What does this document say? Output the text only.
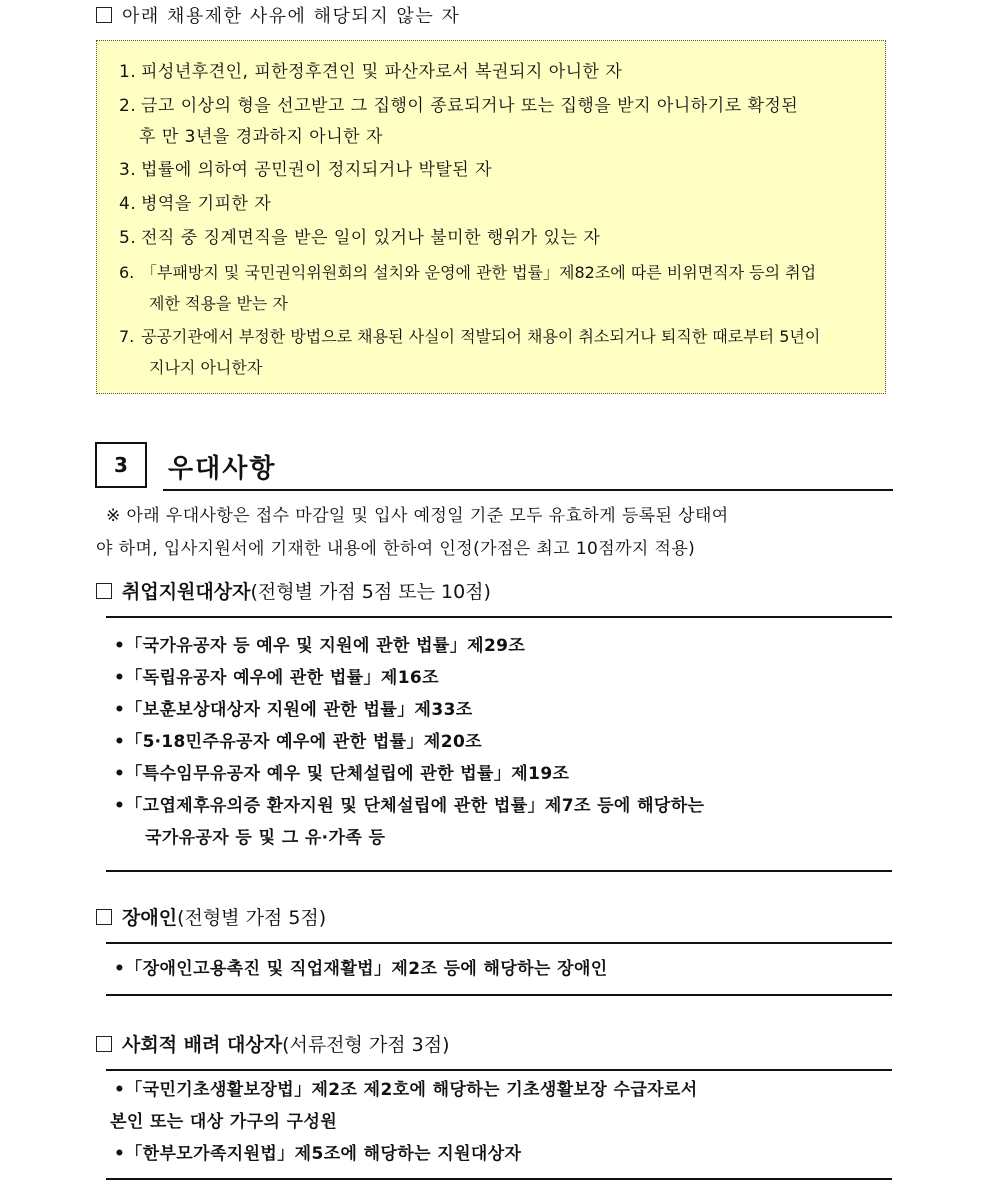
아래 채용제한 사유에 해당되지 않는 자
1. 피성년후견인, 피한정후견인 및 파산자로서 복권되지 아니한 자
2. 금고 이상의 형을 선고받고 그 집행이 종료되거나 또는 집행을 받지 아니하기로 확정된
후 만 3년을 경과하지 아니한 자
3. 법률에 의하여 공민권이 정지되거나 박탈된 자
4. 병역을 기피한 자
5. 전직 중 징계면직을 받은 일이 있거나 불미한 행위가 있는 자
6. 「부패방지 및 국민권익위원회의 설치와 운영에 관한 법률」제82조에 따른 비위면직자 등의 취업
제한 적용을 받는 자
7. 공공기관에서 부정한 방법으로 채용된 사실이 적발되어 채용이 취소되거나 퇴직한 때로부터 5년이
지나지 아니한자
3 우대사항
※ 아래 우대사항은 접수 마감일 및 입사 예정일 기준 모두 유효하게 등록된 상태여
야 하며, 입사지원서에 기재한 내용에 한하여 인정(가점은 최고 10점까지 적용)
취업지원대상자(전형별 가점 5점 또는 10점)
•「국가유공자 등 예우 및 지원에 관한 법률」제29조
•「독립유공자 예우에 관한 법률」제16조
•「보훈보상대상자 지원에 관한 법률」제33조
•「5‧18민주유공자 예우에 관한 법률」제20조
•「특수임무유공자 예우 및 단체설립에 관한 법률」제19조
•「고엽제후유의증 환자지원 및 단체설립에 관한 법률」제7조 등에 해당하는
국가유공자 등 및 그 유·가족 등
장애인(전형별 가점 5점)
•「장애인고용촉진 및 직업재활법」제2조 등에 해당하는 장애인
사회적 배려 대상자(서류전형 가점 3점)
•「국민기초생활보장법」제2조 제2호에 해당하는 기초생활보장 수급자로서
본인 또는 대상 가구의 구성원
•「한부모가족지원법」제5조에 해당하는 지원대상자
